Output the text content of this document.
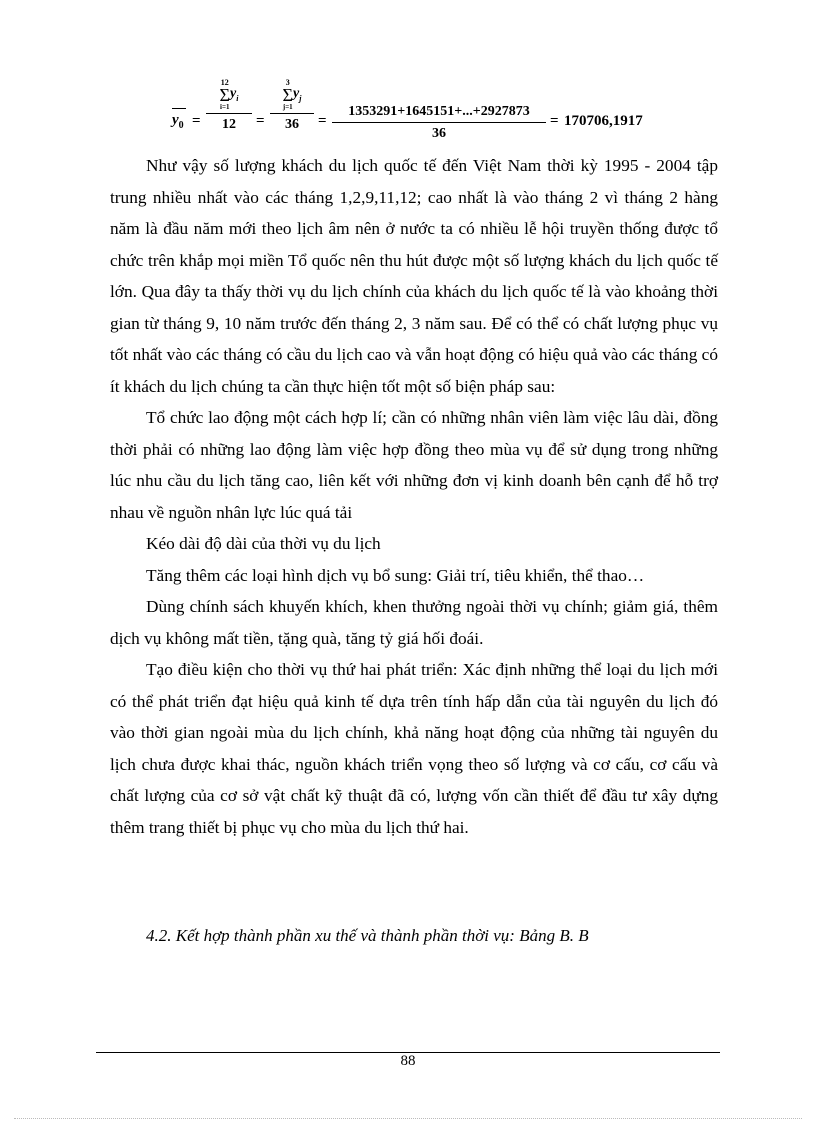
$y_0$ =
12
Σ
i=1
$y_i$
12	=
3
Σ
j=1
$y_j$
36	=
1353291+1645151+...+2927873
36
= 170706,1917

Như vậy số lượng khách du lịch quốc tế đến Việt Nam thời kỳ 1995 - 2004 tập trung nhiều nhất vào các tháng 1,2,9,11,12; cao nhất là vào tháng 2 vì tháng 2 hàng năm là đầu năm mới theo lịch âm nên ở nước ta có nhiều lễ hội truyền thống được tổ chức trên khắp mọi miền Tổ quốc nên thu hút được một số lượng khách du lịch quốc tế lớn. Qua đây ta thấy thời vụ du lịch chính của khách du lịch quốc tế là vào khoảng thời gian từ tháng 9, 10 năm trước đến tháng 2, 3 năm sau. Để có thể có chất lượng phục vụ tốt nhất vào các tháng có cầu du lịch cao và vẫn hoạt động có hiệu quả vào các tháng có ít khách du lịch chúng ta cần thực hiện tốt một số biện pháp sau:

Tổ chức lao động một cách hợp lí; cần có những nhân viên làm việc lâu dài, đồng thời phải có những lao động làm việc hợp đồng theo mùa vụ để sử dụng trong những lúc nhu cầu du lịch tăng cao, liên kết với những đơn vị kinh doanh bên cạnh để hỗ trợ nhau về nguồn nhân lực lúc quá tải

Kéo dài độ dài của thời vụ du lịch

Tăng thêm các loại hình dịch vụ bổ sung: Giải trí, tiêu khiển, thể thao…

Dùng chính sách khuyến khích, khen thưởng ngoài thời vụ chính; giảm giá, thêm dịch vụ không mất tiền, tặng quà, tăng tỷ giá hối đoái.

Tạo điều kiện cho thời vụ thứ hai phát triển: Xác định những thể loại du lịch mới có thể phát triển đạt hiệu quả kinh tế dựa trên tính hấp dẫn của tài nguyên du lịch đó vào thời gian ngoài mùa du lịch chính, khả năng hoạt động của những tài nguyên du lịch chưa được khai thác, nguồn khách triển vọng theo số lượng và cơ cấu, cơ cấu và chất lượng của cơ sở vật chất kỹ thuật đã có, lượng vốn cần thiết để đầu tư xây dựng thêm trang thiết bị phục vụ cho mùa du lịch thứ hai.

4.2. Kết hợp thành phần xu thế và thành phần thời vụ: Bảng B. B
88
